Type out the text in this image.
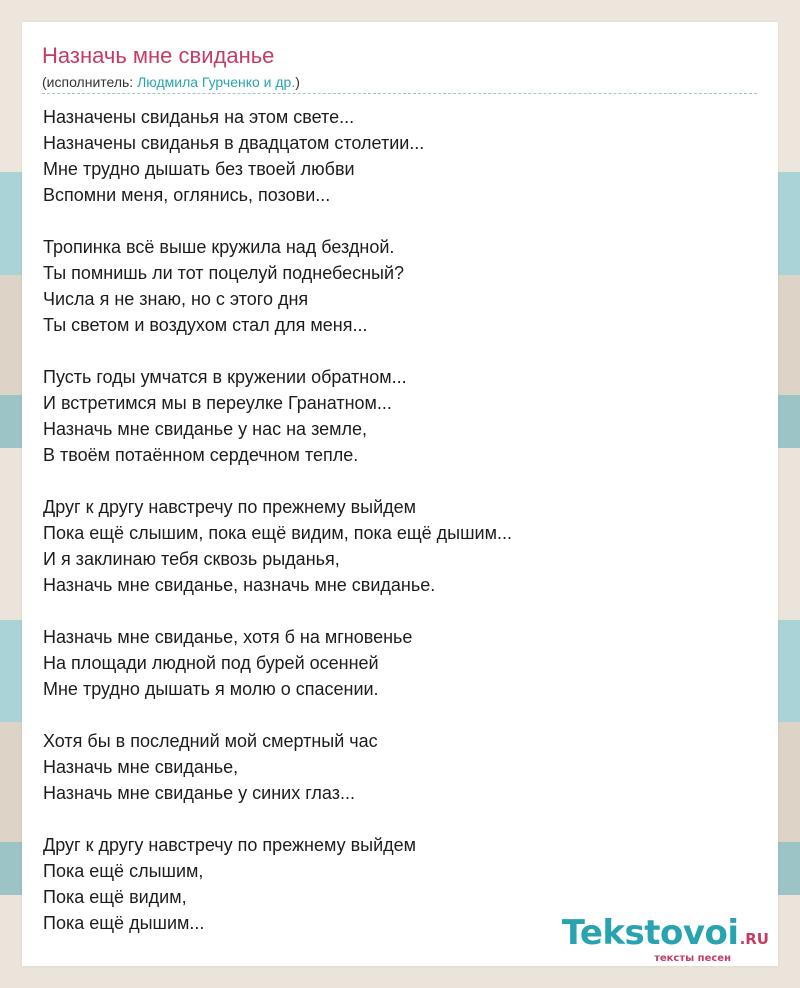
Назначь мне свиданье
(исполнитель: Людмила Гурченко и др.)
Назначены свиданья на этом свете...
Назначены свиданья в двадцатом столетии...
Мне трудно дышать без твоей любви
Вспомни меня, оглянись, позови...
Тропинка всё выше кружила над бездной.
Ты помнишь ли тот поцелуй поднебесный?
Числа я не знаю, но с этого дня
Ты светом и воздухом стал для меня...
Пусть годы умчатся в кружении обратном...
И встретимся мы в переулке Гранатном...
Назначь мне свиданье у нас на земле,
В твоём потаённом сердечном тепле.
Друг к другу навстречу по прежнему выйдем
Пока ещё слышим, пока ещё видим, пока ещё дышим...
И я заклинаю тебя сквозь рыданья,
Назначь мне свиданье, назначь мне свиданье.
Назначь мне свиданье, хотя б на мгновенье
На площади людной под бурей осенней
Мне трудно дышать я молю о спасении.
Хотя бы в последний мой смертный час
Назначь мне свиданье,
Назначь мне свиданье у синих глаз...
Друг к другу навстречу по прежнему выйдем
Пока ещё слышим,
Пока ещё видим,
Пока ещё дышим...	Tekstovoi.RU
тексты песен
